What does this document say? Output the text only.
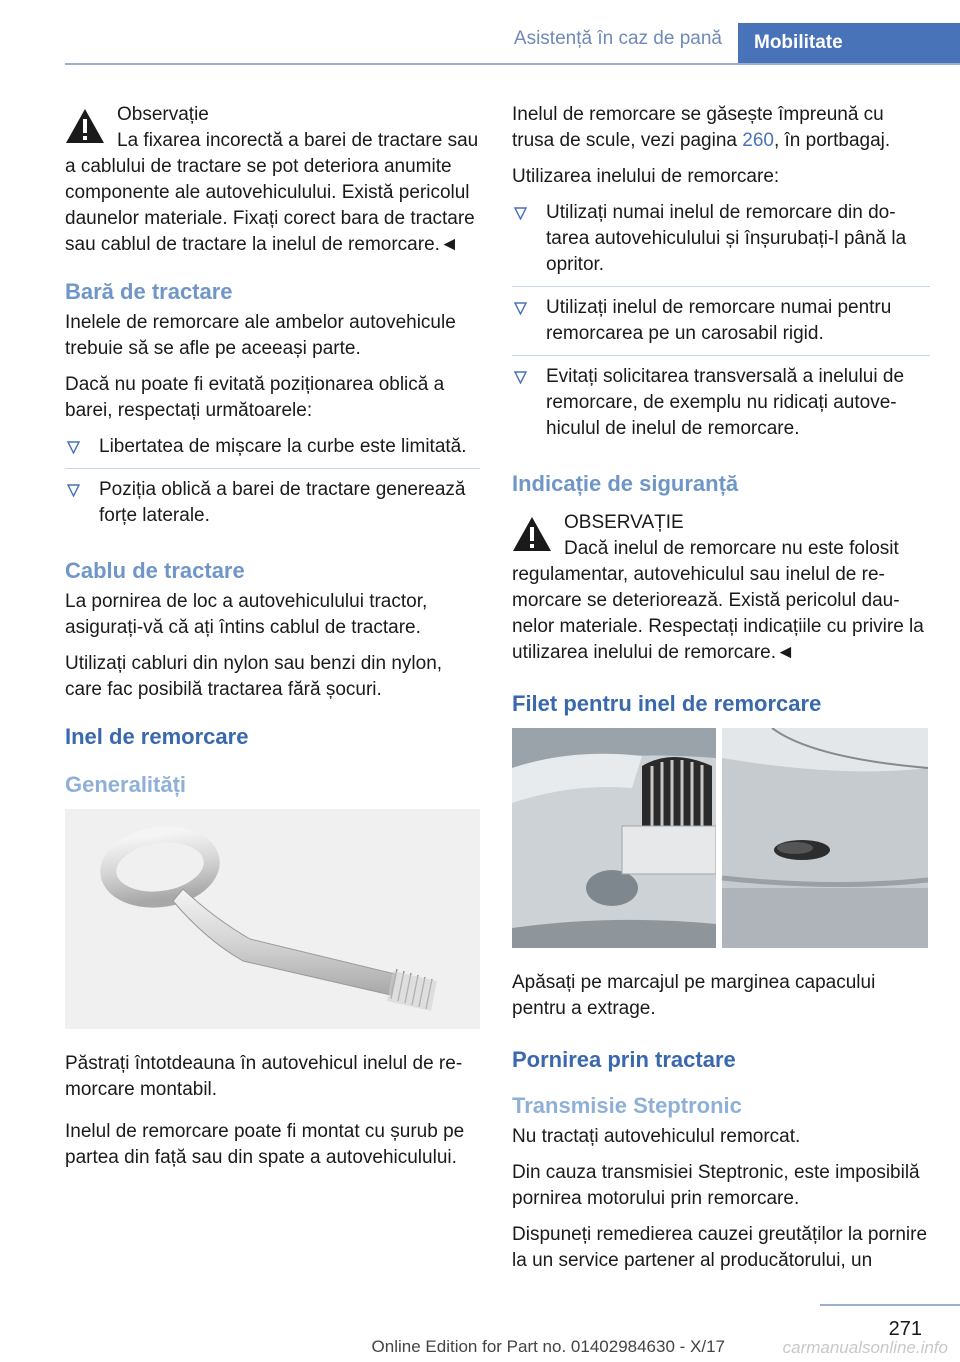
Asistență în caz de pană	Mobilitate
Observație
La fixarea incorectă a barei de tractare sau a cablului de tractare se pot deteriora anumite componente ale autovehiculului. Există pericolul daunelor materiale. Fixați corect bara de tractare sau cablul de tractare la inelul de remorcare.◄
Bară de tractare

Inelele de remorcare ale ambelor autovehicule trebuie să se afle pe aceeași parte.

Dacă nu poate fi evitată poziționarea oblică a barei, respectați următoarele:

Libertatea de mișcare la curbe este limitată.
Poziția oblică a barei de tractare generează forțe laterale.
Cablu de tractare

La pornirea de loc a autovehiculului tractor, asigurați-vă că ați întins cablul de tractare.

Utilizați cabluri din nylon sau benzi din nylon, care fac posibilă tractarea fără șocuri.

Inel de remorcare
Generalități

Păstrați întotdeauna în autovehicul inelul de remorcare montabil.

Inelul de remorcare poate fi montat cu șurub pe partea din față sau din spate a autovehiculului.

Inelul de remorcare se găsește împreună cu trusa de scule, vezi pagina 260, în portbagaj.

Utilizarea inelului de remorcare:

Utilizați numai inelul de remorcare din dotarea autovehiculului și înșurubați-l până la opritor.
Utilizați inelul de remorcare numai pentru remorcarea pe un carosabil rigid.
Evitați solicitarea transversală a inelului de remorcare, de exemplu nu ridicați autovehiculul de inelul de remorcare.
Indicație de siguranță
OBSERVAȚIE
Dacă inelul de remorcare nu este folosit regulamentar, autovehiculul sau inelul de remorcare se deteriorează. Există pericolul daunelor materiale. Respectați indicațiile cu privire la utilizarea inelului de remorcare.◄
Filet pentru inel de remorcare

Apăsați pe marcajul pe marginea capacului pentru a extrage.

Pornirea prin tractare
Transmisie Steptronic

Nu tractați autovehiculul remorcat.

Din cauza transmisiei Steptronic, este imposibilă pornirea motorului prin remorcare.

Dispuneți remedierea cauzei greutăților la pornire la un service partener al producătorului, un

271
Online Edition for Part no. 01402984630 - X/17	carmanualsonline.info
